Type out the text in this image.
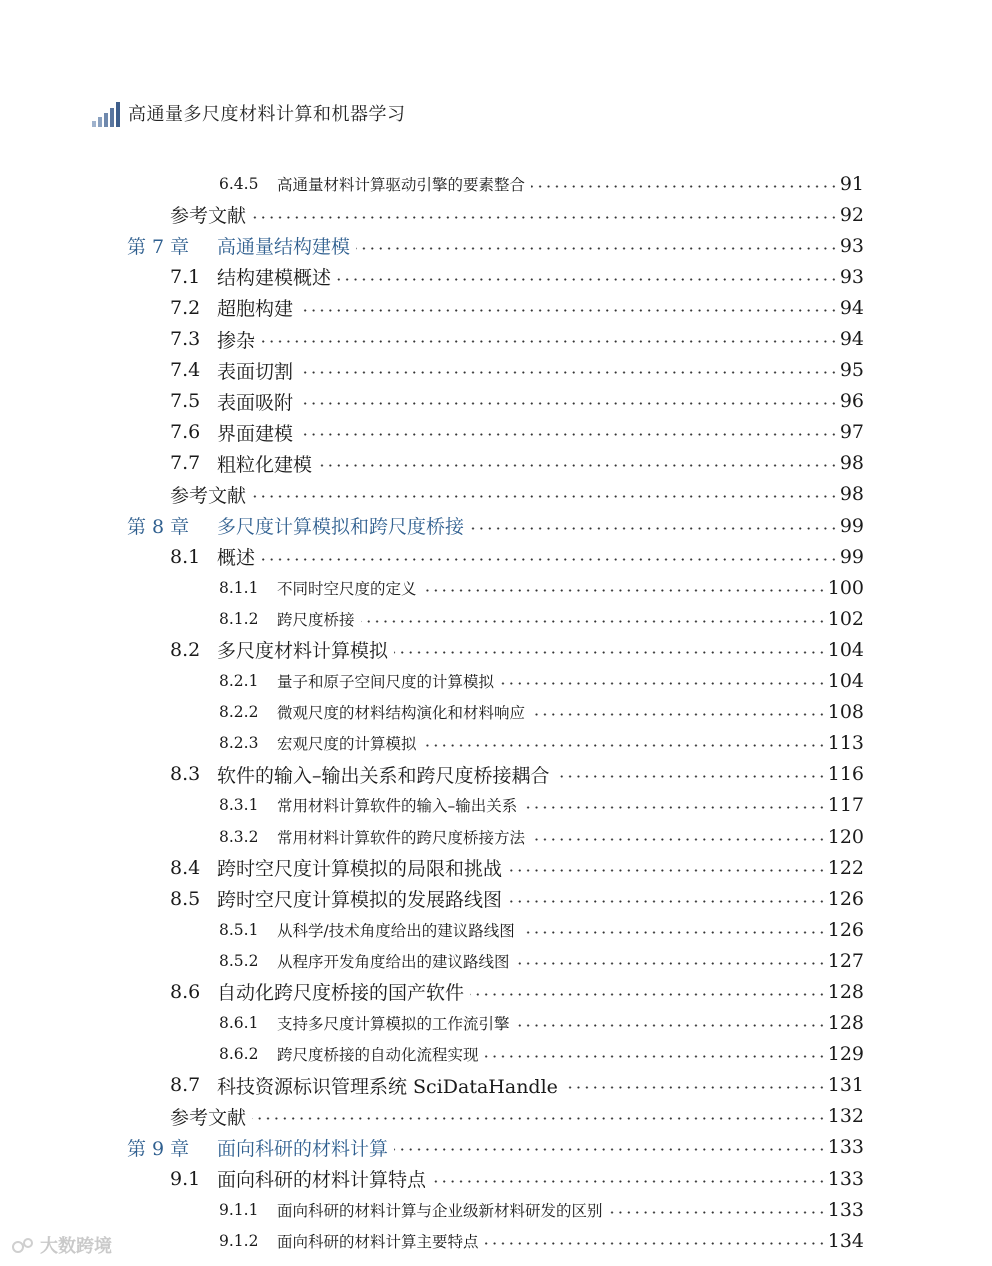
高通量多尺度材料计算和机器学习
6.4.5 高通量材料计算驱动引擎的要素整合	91
参考文献	92
第 7 章 高通量结构建模	93
7.1 结构建模概述	93
7.2 超胞构建	94
7.3 掺杂	94
7.4 表面切割	95
7.5 表面吸附	96
7.6 界面建模	97
7.7 粗粒化建模	98
参考文献	98
第 8 章 多尺度计算模拟和跨尺度桥接	99
8.1 概述	99
8.1.1 不同时空尺度的定义	100
8.1.2 跨尺度桥接	102
8.2 多尺度材料计算模拟	104
8.2.1 量子和原子空间尺度的计算模拟	104
8.2.2 微观尺度的材料结构演化和材料响应	108
8.2.3 宏观尺度的计算模拟	113
8.3 软件的输入–输出关系和跨尺度桥接耦合	116
8.3.1 常用材料计算软件的输入–输出关系	117
8.3.2 常用材料计算软件的跨尺度桥接方法	120
8.4 跨时空尺度计算模拟的局限和挑战	122
8.5 跨时空尺度计算模拟的发展路线图	126
8.5.1 从科学/技术角度给出的建议路线图	126
8.5.2 从程序开发角度给出的建议路线图	127
8.6 自动化跨尺度桥接的国产软件	128
8.6.1 支持多尺度计算模拟的工作流引擎	128
8.6.2 跨尺度桥接的自动化流程实现	129
8.7 科技资源标识管理系统 SciDataHandle	131
参考文献	132
第 9 章 面向科研的材料计算	133
9.1 面向科研的材料计算特点	133
9.1.1 面向科研的材料计算与企业级新材料研发的区别	133
9.1.2 面向科研的材料计算主要特点	134
大数跨境
